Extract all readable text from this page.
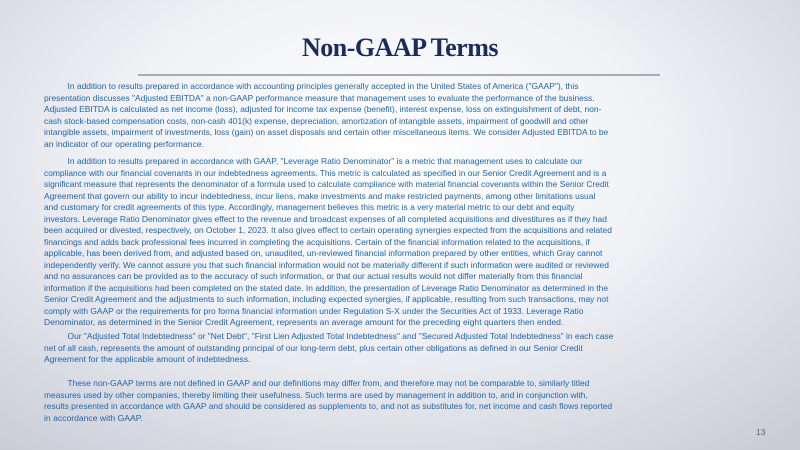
Non-GAAP Terms
In addition to results prepared in accordance with accounting principles generally accepted in the United States of America ("GAAP"), this
presentation discusses "Adjusted EBITDA" a non-GAAP performance measure that management uses to evaluate the performance of the business.
Adjusted EBITDA is calculated as net income (loss), adjusted for income tax expense (benefit), interest expense, loss on extinguishment of debt, non-
cash stock-based compensation costs, non-cash 401(k) expense, depreciation, amortization of intangible assets, impairment of goodwill and other
intangible assets, impairment of investments, loss (gain) on asset disposals and certain other miscellaneous items. We consider Adjusted EBITDA to be
an indicator of our operating performance.
In addition to results prepared in accordance with GAAP, "Leverage Ratio Denominator" is a metric that management uses to calculate our
compliance with our financial covenants in our indebtedness agreements. This metric is calculated as specified in our Senior Credit Agreement and is a
significant measure that represents the denominator of a formula used to calculate compliance with material financial covenants within the Senior Credit
Agreement that govern our ability to incur indebtedness, incur liens, make investments and make restricted payments, among other limitations usual
and customary for credit agreements of this type. Accordingly, management believes this metric is a very material metric to our debt and equity
investors. Leverage Ratio Denominator gives effect to the revenue and broadcast expenses of all completed acquisitions and divestitures as if they had
been acquired or divested, respectively, on October 1, 2023. It also gives effect to certain operating synergies expected from the acquisitions and related
financings and adds back professional fees incurred in completing the acquisitions. Certain of the financial information related to the acquisitions, if
applicable, has been derived from, and adjusted based on, unaudited, un-reviewed financial information prepared by other entities, which Gray cannot
independently verify. We cannot assure you that such financial information would not be materially different if such information were audited or reviewed
and no assurances can be provided as to the accuracy of such information, or that our actual results would not differ materially from this financial
information if the acquisitions had been completed on the stated date. In addition, the presentation of Leverage Ratio Denominator as determined in the
Senior Credit Agreement and the adjustments to such information, including expected synergies, if applicable, resulting from such transactions, may not
comply with GAAP or the requirements for pro forma financial information under Regulation S-X under the Securities Act of 1933. Leverage Ratio
Denominator, as determined in the Senior Credit Agreement, represents an average amount for the preceding eight quarters then ended.
Our "Adjusted Total Indebtedness" or "Net Debt", "First Lien Adjusted Total Indebtedness" and "Secured Adjusted Total Indebtedness" in each case
net of all cash, represents the amount of outstanding principal of our long-term debt, plus certain other obligations as defined in our Senior Credit
Agreement for the applicable amount of indebtedness.
These non-GAAP terms are not defined in GAAP and our definitions may differ from, and therefore may not be comparable to, similarly titled
measures used by other companies, thereby limiting their usefulness. Such terms are used by management in addition to, and in conjunction with,
results presented in accordance with GAAP and should be considered as supplements to, and not as substitutes for, net income and cash flows reported
in accordance with GAAP.
13
